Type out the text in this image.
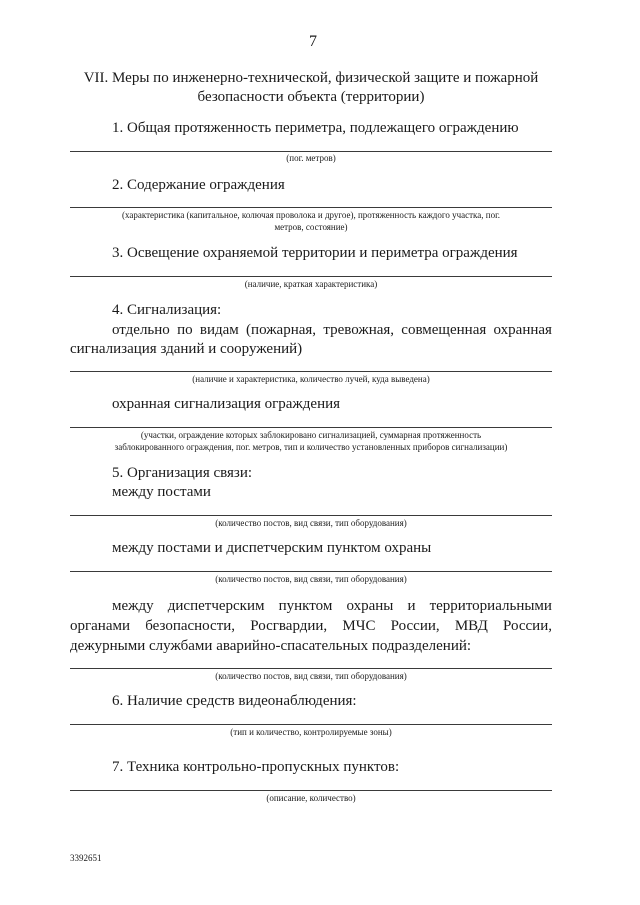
7
VII. Меры по инженерно-технической, физической защите и пожарной
безопасности объекта (территории)
1. Общая протяженность периметра, подлежащего ограждению
(пог. метров)
2. Содержание ограждения
(характеристика (капитальное, колючая проволока и другое), протяженность каждого участка, пог.
метров, состояние)
3. Освещение охраняемой территории и периметра ограждения
(наличие, краткая характеристика)
4. Сигнализация:
отдельно по видам (пожарная, тревожная, совмещенная охранная
сигнализация зданий и сооружений)
(наличие и характеристика, количество лучей, куда выведена)
охранная сигнализация ограждения
(участки, ограждение которых заблокировано сигнализацией, суммарная протяженность
заблокированного ограждения, пог. метров, тип и количество установленных приборов сигнализации)
5. Организация связи:
между постами
(количество постов, вид связи, тип оборудования)
между постами и диспетчерским пунктом охраны
(количество постов, вид связи, тип оборудования)
между диспетчерским пунктом охраны и территориальными
органами безопасности, Росгвардии, МЧС России, МВД России,
дежурными службами аварийно-спасательных подразделений:
(количество постов, вид связи, тип оборудования)
6. Наличие средств видеонаблюдения:
(тип и количество, контролируемые зоны)
7. Техника контрольно-пропускных пунктов:
(описание, количество)
3392651
